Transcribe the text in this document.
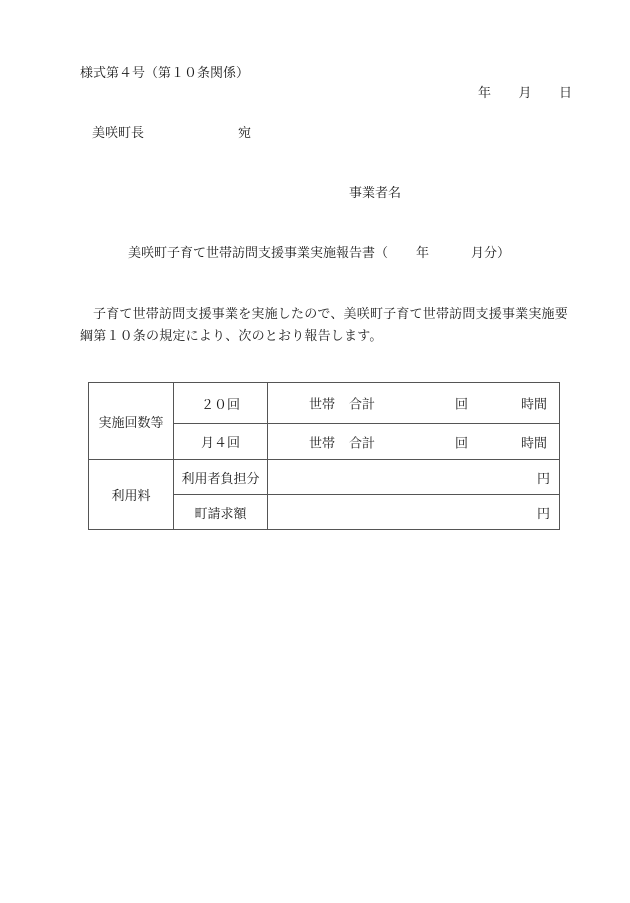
様式第４号（第１０条関係）
年 月 日
美咲町長	宛
事業者名
美咲町子育て世帯訪問支援事業実施報告書（ 年	月分）
子育て世帯訪問支援事業を実施したので、美咲町子育て世帯訪問支援事業実施要綱第１０条の規定により、次のとおり報告します。
実施回数等	２０回	世帯 合計 回 時間

	月４回	世帯 合計 回 時間

利用料	利用者負担分	円
	町請求額	円
